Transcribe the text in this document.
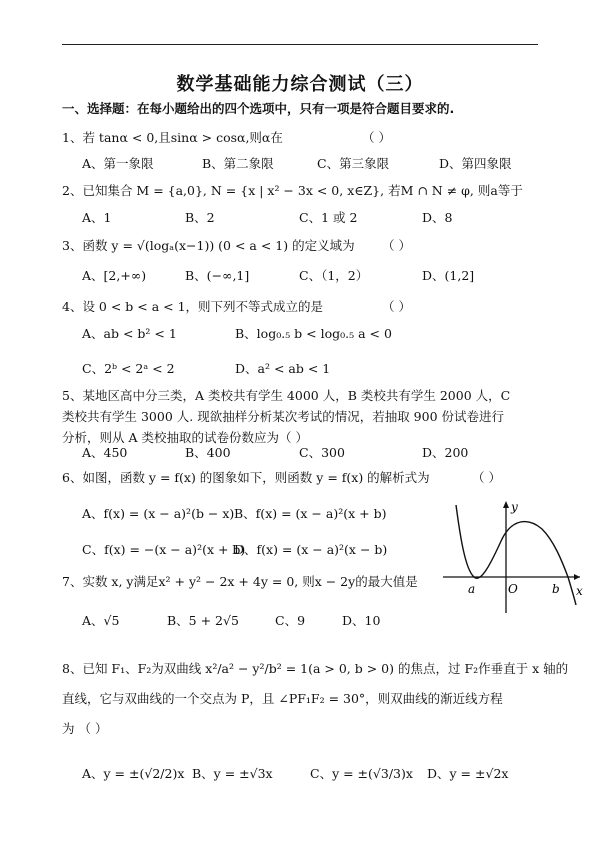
数学基础能力综合测试（三）
一、选择题：在每小题给出的四个选项中，只有一项是符合题目要求的.
1、若 tanα < 0,且sinα > cosα,则α在	（ ）
A、第一象限	B、第二象限	C、第三象限	D、第四象限
2、已知集合 M = {a,0}, N = {x | x² − 3x < 0, x∈Z}, 若M ∩ N ≠ φ, 则a等于
A、1	B、2	C、1 或 2	D、8
3、函数 y = √(logₐ(x−1)) (0 < a < 1) 的定义域为 （ ）
A、[2,+∞)	B、(−∞,1]	C、（1，2）	D、(1,2]
4、设 0 < b < a < 1，则下列不等式成立的是	（ ）
A、ab < b² < 1	B、log₀.₅ b < log₀.₅ a < 0
C、2ᵇ < 2ᵃ < 2	D、a² < ab < 1
5、某地区高中分三类，A 类校共有学生 4000 人，B 类校共有学生 2000 人，C
类校共有学生 3000 人. 现欲抽样分析某次考试的情况，若抽取 900 份试卷进行
分析，则从 A 类校抽取的试卷份数应为（ ）
A、450	B、400	C、300	D、200
6、如图，函数 y = f(x) 的图象如下，则函数 y = f(x) 的解析式为	（ ）
A、f(x) = (x − a)²(b − x) B、f(x) = (x − a)²(x + b)
C、f(x) = −(x − a)²(x + b)
D、f(x) = (x − a)²(x − b)
y
x
a	O	b
7、实数 x, y满足x² + y² − 2x + 4y = 0, 则x − 2y的最大值是
A、√5	B、5 + 2√5	C、9	D、10
8、已知 F₁、F₂为双曲线 x²/a² − y²/b² = 1(a > 0, b > 0) 的焦点，过 F₂作垂直于 x 轴的
直线，它与双曲线的一个交点为 P，且 ∠PF₁F₂ = 30°，则双曲线的渐近线方程
为 （ ）
A、y = ±(√2/2)x B、y = ±√3x	C、y = ±(√3/3)x D、y = ±√2x
